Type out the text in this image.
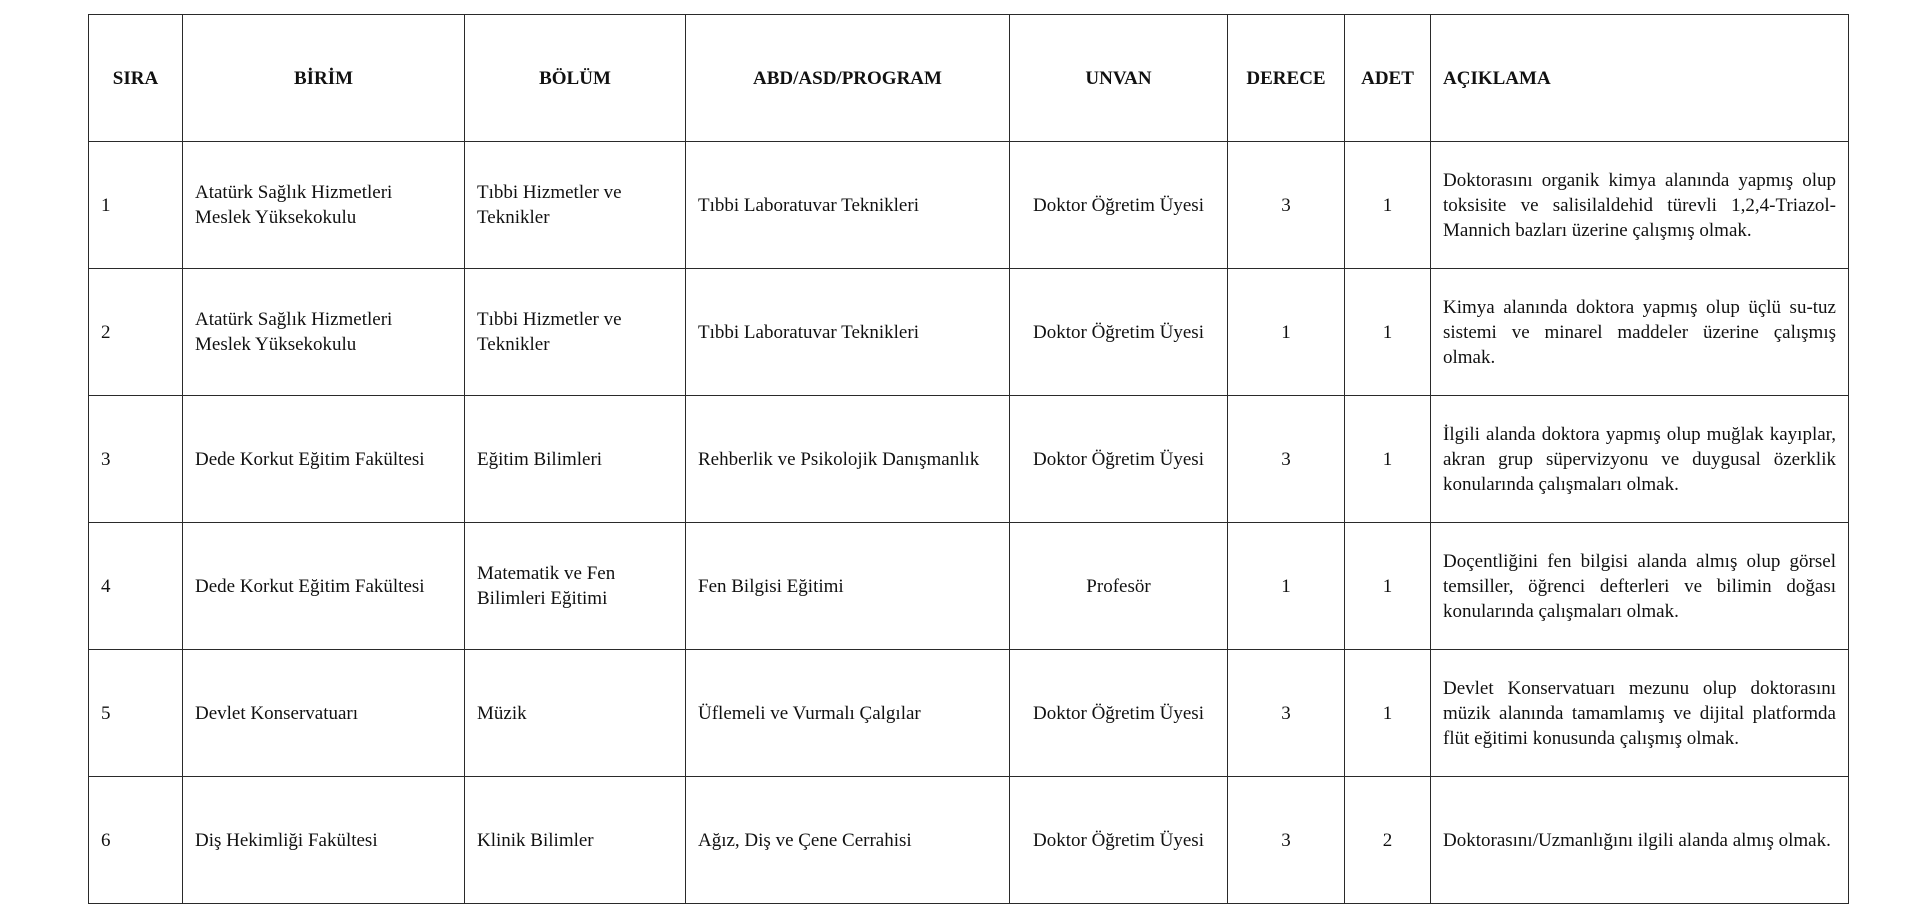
SIRA	BİRİM	BÖLÜM	ABD/ASD/PROGRAM	UNVAN	DERECE	ADET	AÇIKLAMA
1	Atatürk Sağlık Hizmetleri Meslek Yüksekokulu	Tıbbi Hizmetler ve Teknikler	Tıbbi Laboratuvar Teknikleri	Doktor Öğretim Üyesi	3	1	Doktorasını organik kimya alanında yapmış olup toksisite ve salisilaldehid türevli 1,2,4-Triazol-Mannich bazları üzerine çalışmış olmak.
2	Atatürk Sağlık Hizmetleri Meslek Yüksekokulu	Tıbbi Hizmetler ve Teknikler	Tıbbi Laboratuvar Teknikleri	Doktor Öğretim Üyesi	1	1	Kimya alanında doktora yapmış olup üçlü su-tuz sistemi ve minarel maddeler üzerine çalışmış olmak.
3	Dede Korkut Eğitim Fakültesi	Eğitim Bilimleri	Rehberlik ve Psikolojik Danışmanlık	Doktor Öğretim Üyesi	3	1	İlgili alanda doktora yapmış olup muğlak kayıplar, akran grup süpervizyonu ve duygusal özerklik konularında çalışmaları olmak.
4	Dede Korkut Eğitim Fakültesi	Matematik ve Fen Bilimleri Eğitimi	Fen Bilgisi Eğitimi	Profesör	1	1	Doçentliğini fen bilgisi alanda almış olup görsel temsiller, öğrenci defterleri ve bilimin doğası konularında çalışmaları olmak.
5	Devlet Konservatuarı	Müzik	Üflemeli ve Vurmalı Çalgılar	Doktor Öğretim Üyesi	3	1	Devlet Konservatuarı mezunu olup doktorasını müzik alanında tamamlamış ve dijital platformda flüt eğitimi konusunda çalışmış olmak.
6	Diş Hekimliği Fakültesi	Klinik Bilimler	Ağız, Diş ve Çene Cerrahisi	Doktor Öğretim Üyesi	3	2	Doktorasını/Uzmanlığını ilgili alanda almış olmak.
